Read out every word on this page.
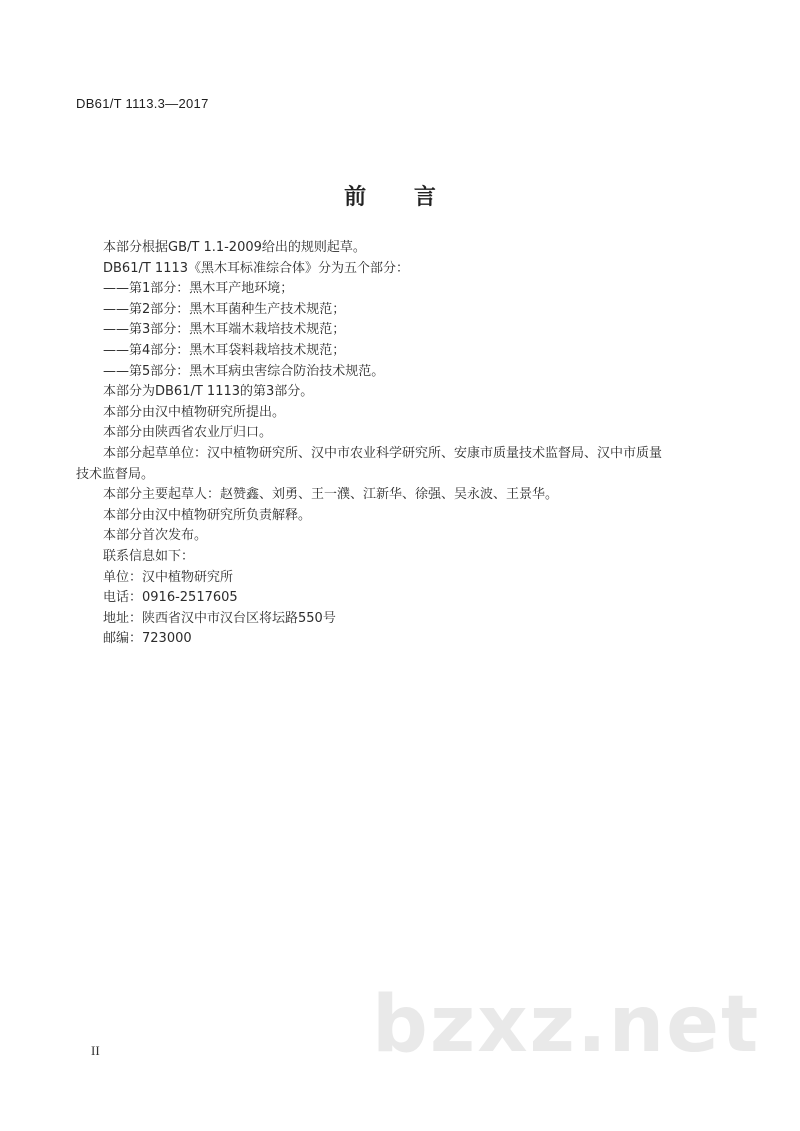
DB61/T 1113.3—2017
前 言
本部分根据GB/T 1.1-2009给出的规则起草。
DB61/T 1113《黑木耳标准综合体》分为五个部分：
——第1部分：黑木耳产地环境；
——第2部分：黑木耳菌种生产技术规范；
——第3部分：黑木耳端木栽培技术规范；
——第4部分：黑木耳袋料栽培技术规范；
——第5部分：黑木耳病虫害综合防治技术规范。
本部分为DB61/T 1113的第3部分。
本部分由汉中植物研究所提出。
本部分由陕西省农业厅归口。
本部分起草单位：汉中植物研究所、汉中市农业科学研究所、安康市质量技术监督局、汉中市质量
技术监督局。
本部分主要起草人：赵赞鑫、刘勇、王一濮、江新华、徐强、吴永波、王景华。
本部分由汉中植物研究所负责解释。
本部分首次发布。
联系信息如下：
单位：汉中植物研究所
电话：0916-2517605
地址：陕西省汉中市汉台区将坛路550号
邮编：723000
bzxz.net
II
